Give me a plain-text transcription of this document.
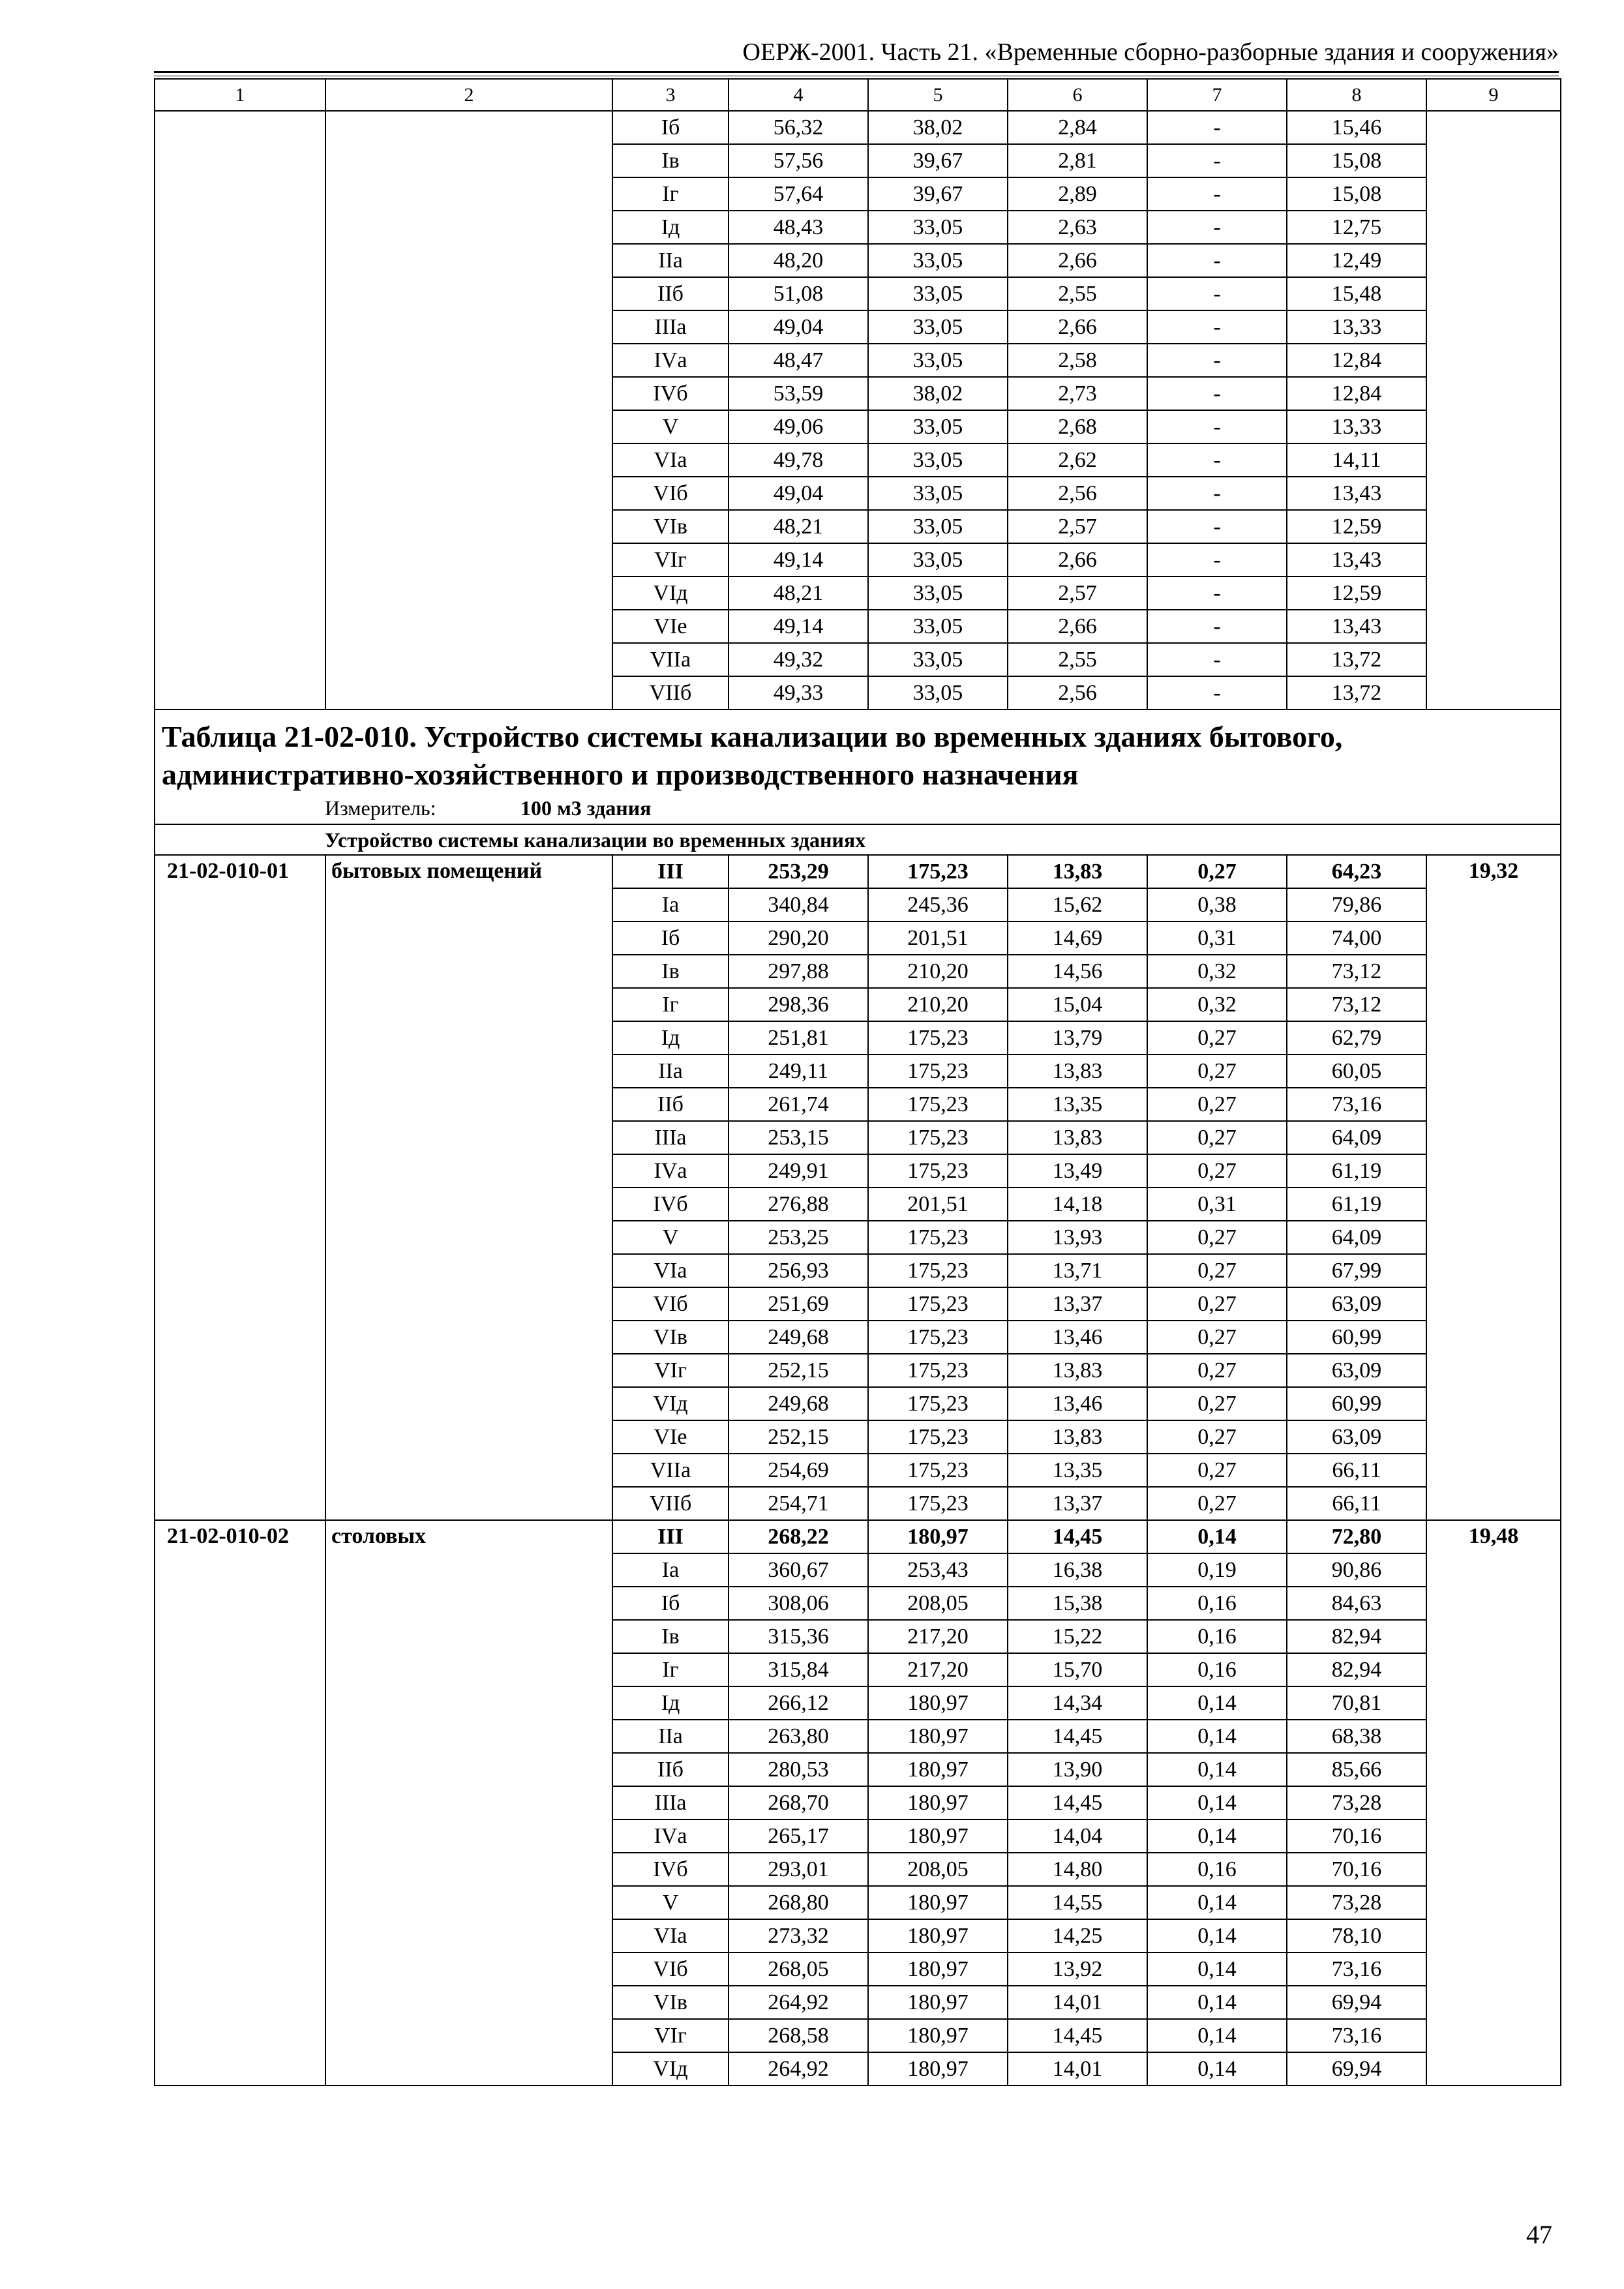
ОЕРЖ-2001. Часть 21. «Временные сборно-разборные здания и сооружения»
1	2	3	4	5	6	7	8	9
		Iб	56,32	38,02	2,84	-	15,46	
		Iв	57,56	39,67	2,81	-	15,08	
		Iг	57,64	39,67	2,89	-	15,08	
		Iд	48,43	33,05	2,63	-	12,75	
		IIа	48,20	33,05	2,66	-	12,49	
		IIб	51,08	33,05	2,55	-	15,48	
		IIIа	49,04	33,05	2,66	-	13,33	
		IVа	48,47	33,05	2,58	-	12,84	
		IVб	53,59	38,02	2,73	-	12,84	
		V	49,06	33,05	2,68	-	13,33	
		VIа	49,78	33,05	2,62	-	14,11	
		VIб	49,04	33,05	2,56	-	13,43	
		VIв	48,21	33,05	2,57	-	12,59	
		VIг	49,14	33,05	2,66	-	13,43	
		VIд	48,21	33,05	2,57	-	12,59	
		VIе	49,14	33,05	2,66	-	13,43	
		VIIа	49,32	33,05	2,55	-	13,72	
		VIIб	49,33	33,05	2,56	-	13,72	

Таблица 21-02-010. Устройство системы канализации во временных зданиях бытового, административно-хозяйственного и производственного назначения
Измеритель: 100 м3 здания								

Устройство системы канализации во временных зданиях								
21-02-010-01	бытовых помещений	III	253,29	175,23	13,83	0,27	64,23	19,32
		Iа	340,84	245,36	15,62	0,38	79,86	
		Iб	290,20	201,51	14,69	0,31	74,00	
		Iв	297,88	210,20	14,56	0,32	73,12	
		Iг	298,36	210,20	15,04	0,32	73,12	
		Iд	251,81	175,23	13,79	0,27	62,79	
		IIа	249,11	175,23	13,83	0,27	60,05	
		IIб	261,74	175,23	13,35	0,27	73,16	
		IIIа	253,15	175,23	13,83	0,27	64,09	
		IVа	249,91	175,23	13,49	0,27	61,19	
		IVб	276,88	201,51	14,18	0,31	61,19	
		V	253,25	175,23	13,93	0,27	64,09	
		VIа	256,93	175,23	13,71	0,27	67,99	
		VIб	251,69	175,23	13,37	0,27	63,09	
		VIв	249,68	175,23	13,46	0,27	60,99	
		VIг	252,15	175,23	13,83	0,27	63,09	
		VIд	249,68	175,23	13,46	0,27	60,99	
		VIе	252,15	175,23	13,83	0,27	63,09	
		VIIа	254,69	175,23	13,35	0,27	66,11	
		VIIб	254,71	175,23	13,37	0,27	66,11	
21-02-010-02	столовых	III	268,22	180,97	14,45	0,14	72,80	19,48
		Iа	360,67	253,43	16,38	0,19	90,86	
		Iб	308,06	208,05	15,38	0,16	84,63	
		Iв	315,36	217,20	15,22	0,16	82,94	
		Iг	315,84	217,20	15,70	0,16	82,94	
		Iд	266,12	180,97	14,34	0,14	70,81	
		IIа	263,80	180,97	14,45	0,14	68,38	
		IIб	280,53	180,97	13,90	0,14	85,66	
		IIIа	268,70	180,97	14,45	0,14	73,28	
		IVа	265,17	180,97	14,04	0,14	70,16	
		IVб	293,01	208,05	14,80	0,16	70,16	
		V	268,80	180,97	14,55	0,14	73,28	
		VIа	273,32	180,97	14,25	0,14	78,10	
		VIб	268,05	180,97	13,92	0,14	73,16	
		VIв	264,92	180,97	14,01	0,14	69,94	
		VIг	268,58	180,97	14,45	0,14	73,16	
		VIд	264,92	180,97	14,01	0,14	69,94	
47
